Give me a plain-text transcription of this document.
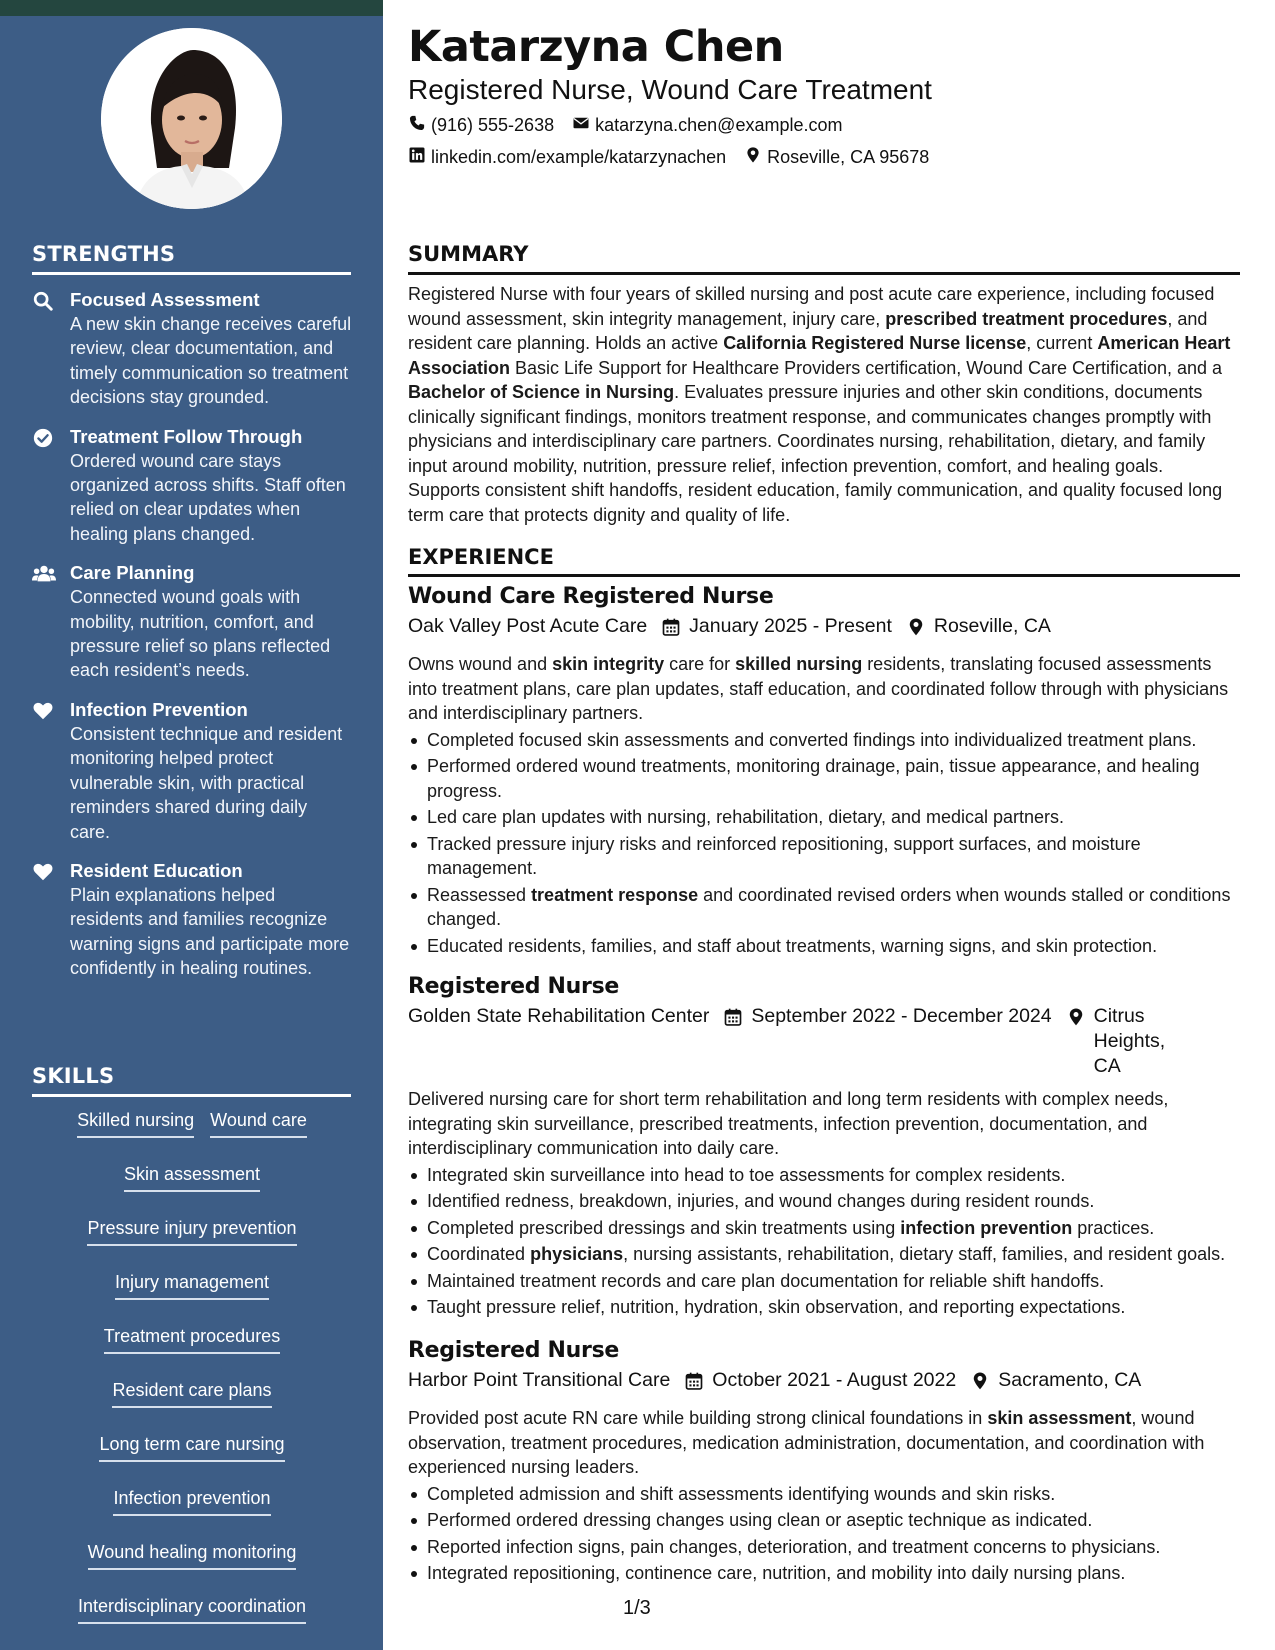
STRENGTHS
Focused Assessment
A new skin change receives careful review, clear documentation, and timely communication so treatment decisions stay grounded.
Treatment Follow Through
Ordered wound care stays organized across shifts. Staff often relied on clear updates when healing plans changed.
Care Planning
Connected wound goals with mobility, nutrition, comfort, and pressure relief so plans reflected each resident’s needs.
Infection Prevention
Consistent technique and resident monitoring helped protect vulnerable skin, with practical reminders shared during daily care.
Resident Education
Plain explanations helped residents and families recognize warning signs and participate more confidently in healing routines.
SKILLS
Skilled nursing Wound care
Skin assessment
Pressure injury prevention
Injury management
Treatment procedures
Resident care plans
Long term care nursing
Infection prevention
Wound healing monitoring
Interdisciplinary coordination
Katarzyna Chen
Registered Nurse, Wound Care Treatment
(916) 555-2638 katarzyna.chen@example.com
linkedin.com/example/katarzynachen Roseville, CA 95678
SUMMARY
Registered Nurse with four years of skilled nursing and post acute care experience, including focused wound assessment, skin integrity management, injury care, prescribed treatment procedures, and resident care planning. Holds an active California Registered Nurse license, current American Heart Association Basic Life Support for Healthcare Providers certification, Wound Care Certification, and a Bachelor of Science in Nursing. Evaluates pressure injuries and other skin conditions, documents clinically significant findings, monitors treatment response, and communicates changes promptly with physicians and interdisciplinary care partners. Coordinates nursing, rehabilitation, dietary, and family input around mobility, nutrition, pressure relief, infection prevention, comfort, and healing goals. Supports consistent shift handoffs, resident education, family communication, and quality focused long term care that protects dignity and quality of life.
EXPERIENCE
Wound Care Registered Nurse
Oak Valley Post Acute Care January 2025 - Present Roseville, CA
Owns wound and skin integrity care for skilled nursing residents, translating focused assessments into treatment plans, care plan updates, staff education, and coordinated follow through with physicians and interdisciplinary partners.
Completed focused skin assessments and converted findings into individualized treatment plans.
Performed ordered wound treatments, monitoring drainage, pain, tissue appearance, and healing progress.
Led care plan updates with nursing, rehabilitation, dietary, and medical partners.
Tracked pressure injury risks and reinforced repositioning, support surfaces, and moisture management.
Reassessed treatment response and coordinated revised orders when wounds stalled or conditions changed.
Educated residents, families, and staff about treatments, warning signs, and skin protection.
Registered Nurse
Golden State Rehabilitation Center September 2022 - December 2024 Citrus Heights, CA
Delivered nursing care for short term rehabilitation and long term residents with complex needs, integrating skin surveillance, prescribed treatments, infection prevention, documentation, and interdisciplinary communication into daily care.
Integrated skin surveillance into head to toe assessments for complex residents.
Identified redness, breakdown, injuries, and wound changes during resident rounds.
Completed prescribed dressings and skin treatments using infection prevention practices.
Coordinated physicians, nursing assistants, rehabilitation, dietary staff, families, and resident goals.
Maintained treatment records and care plan documentation for reliable shift handoffs.
Taught pressure relief, nutrition, hydration, skin observation, and reporting expectations.
Registered Nurse
Harbor Point Transitional Care October 2021 - August 2022 Sacramento, CA
Provided post acute RN care while building strong clinical foundations in skin assessment, wound observation, treatment procedures, medication administration, documentation, and coordination with experienced nursing leaders.
Completed admission and shift assessments identifying wounds and skin risks.
Performed ordered dressing changes using clean or aseptic technique as indicated.
Reported infection signs, pain changes, deterioration, and treatment concerns to physicians.
Integrated repositioning, continence care, nutrition, and mobility into daily nursing plans.
1/3
